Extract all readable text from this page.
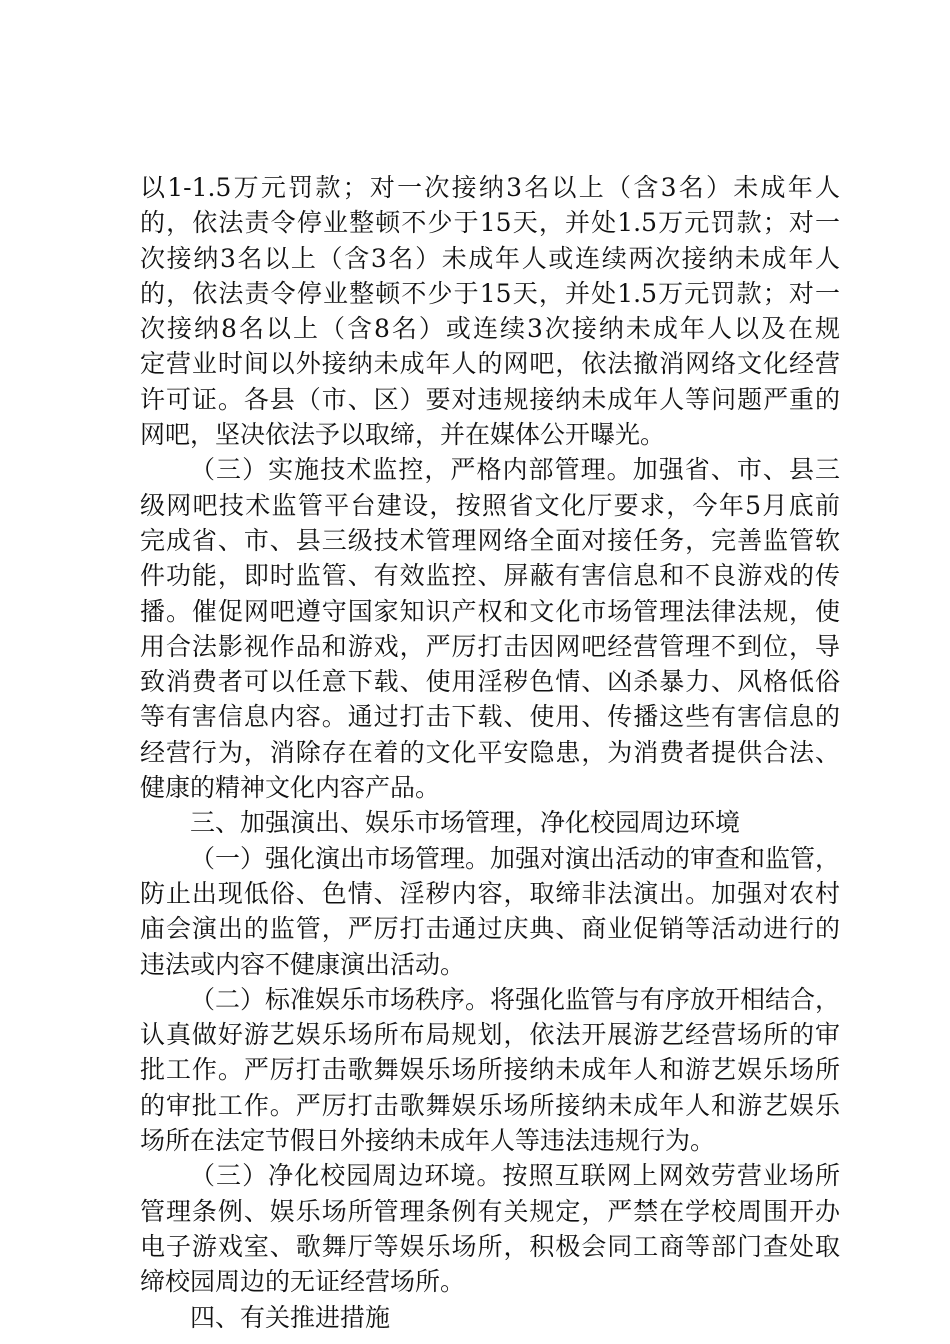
以1-1.5万元罚款；对一次接纳3名以上（含3名）未成年人
的，依法责令停业整顿不少于15天，并处1.5万元罚款；对一
次接纳3名以上（含3名）未成年人或连续两次接纳未成年人
的，依法责令停业整顿不少于15天，并处1.5万元罚款；对一
次接纳8名以上（含8名）或连续3次接纳未成年人以及在规
定营业时间以外接纳未成年人的网吧，依法撤消网络文化经营
许可证。各县（市、区）要对违规接纳未成年人等问题严重的
网吧，坚决依法予以取缔，并在媒体公开曝光。
（三）实施技术监控，严格内部管理。加强省、市、县三
级网吧技术监管平台建设，按照省文化厅要求，今年5月底前
完成省、市、县三级技术管理网络全面对接任务，完善监管软
件功能，即时监管、有效监控、屏蔽有害信息和不良游戏的传
播。催促网吧遵守国家知识产权和文化市场管理法律法规，使
用合法影视作品和游戏，严厉打击因网吧经营管理不到位，导
致消费者可以任意下载、使用淫秽色情、凶杀暴力、风格低俗
等有害信息内容。通过打击下载、使用、传播这些有害信息的
经营行为，消除存在着的文化平安隐患，为消费者提供合法、
健康的精神文化内容产品。
三、加强演出、娱乐市场管理，净化校园周边环境
（一）强化演出市场管理。加强对演出活动的审查和监管，
防止出现低俗、色情、淫秽内容，取缔非法演出。加强对农村
庙会演出的监管，严厉打击通过庆典、商业促销等活动进行的
违法或内容不健康演出活动。
（二）标准娱乐市场秩序。将强化监管与有序放开相结合，
认真做好游艺娱乐场所布局规划，依法开展游艺经营场所的审
批工作。严厉打击歌舞娱乐场所接纳未成年人和游艺娱乐场所
的审批工作。严厉打击歌舞娱乐场所接纳未成年人和游艺娱乐
场所在法定节假日外接纳未成年人等违法违规行为。
（三）净化校园周边环境。按照互联网上网效劳营业场所
管理条例、娱乐场所管理条例有关规定，严禁在学校周围开办
电子游戏室、歌舞厅等娱乐场所，积极会同工商等部门查处取
缔校园周边的无证经营场所。
四、有关推进措施
